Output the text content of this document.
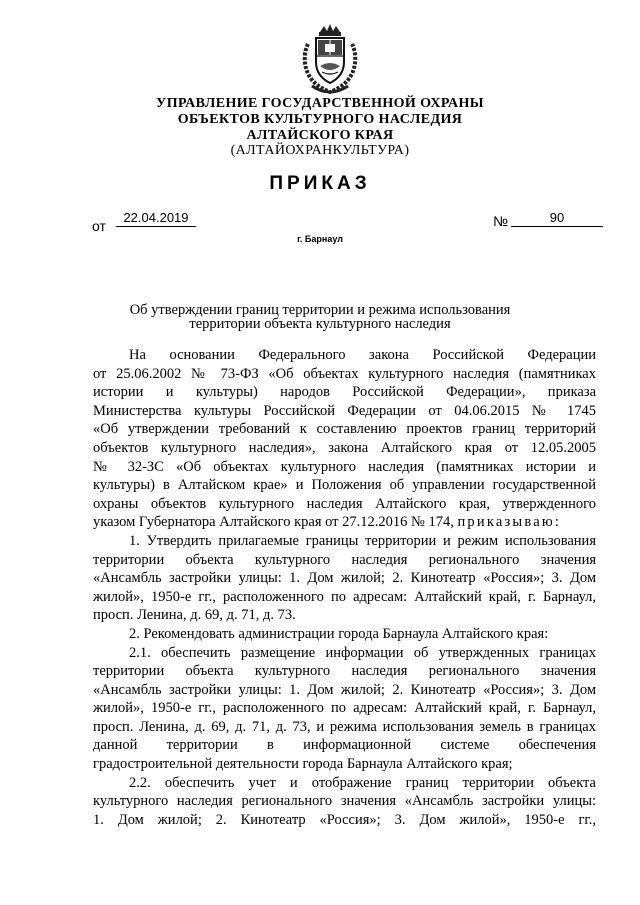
УПРАВЛЕНИЕ ГОСУДАРСТВЕННОЙ ОХРАНЫ
ОБЪЕКТОВ КУЛЬТУРНОГО НАСЛЕДИЯ
АЛТАЙСКОГО КРАЯ
(АЛТАЙОХРАНКУЛЬТУРА)
ПРИКАЗ
от
22.04.2019	№	90
г. Барнаул
Об утверждении границ территории и режима использования
территории объекта культурного наследия
На основании Федерального закона Российской Федерации
от 25.06.2002 № 73-ФЗ «Об объектах культурного наследия (памятниках
истории и культуры) народов Российской Федерации», приказа
Министерства культуры Российской Федерации от 04.06.2015 № 1745
«Об утверждении требований к составлению проектов границ территорий
объектов культурного наследия», закона Алтайского края от 12.05.2005
№ 32-ЗС «Об объектах культурного наследия (памятниках истории и
культуры) в Алтайском крае» и Положения об управлении государственной
охраны объектов культурного наследия Алтайского края, утвержденного
указом Губернатора Алтайского края от 27.12.2016 № 174, приказываю:
1. Утвердить прилагаемые границы территории и режим использования
территории объекта культурного наследия регионального значения
«Ансамбль застройки улицы: 1. Дом жилой; 2. Кинотеатр «Россия»; 3. Дом
жилой», 1950-е гг., расположенного по адресам: Алтайский край, г. Барнаул,
просп. Ленина, д. 69, д. 71, д. 73.
2. Рекомендовать администрации города Барнаула Алтайского края:
2.1. обеспечить размещение информации об утвержденных границах
территории объекта культурного наследия регионального значения
«Ансамбль застройки улицы: 1. Дом жилой; 2. Кинотеатр «Россия»; 3. Дом
жилой», 1950-е гг., расположенного по адресам: Алтайский край, г. Барнаул,
просп. Ленина, д. 69, д. 71, д. 73, и режима использования земель в границах
данной территории в информационной системе обеспечения
градостроительной деятельности города Барнаула Алтайского края;
2.2. обеспечить учет и отображение границ территории объекта
культурного наследия регионального значения «Ансамбль застройки улицы:
1. Дом жилой; 2. Кинотеатр «Россия»; 3. Дом жилой», 1950-е гг.,
